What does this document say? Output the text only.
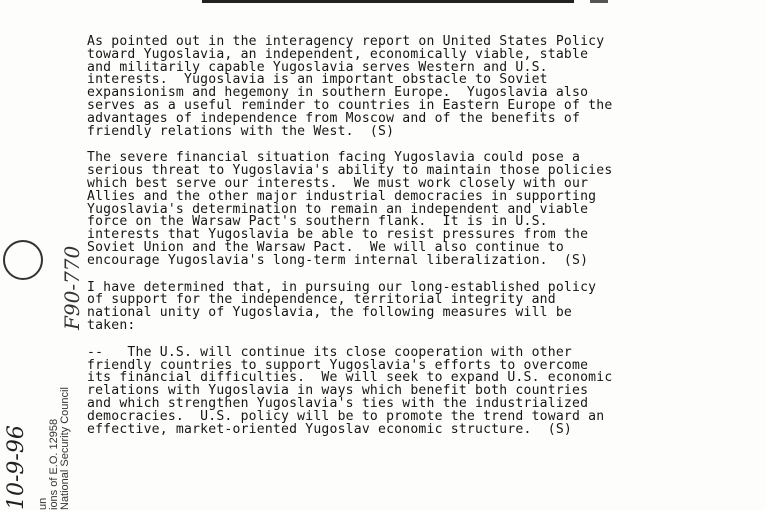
F90-770
10-9-96 un ions of E.O. 12958 National Security Council
As pointed out in the interagency report on United States Policy
toward Yugoslavia, an independent, economically viable, stable
and militarily capable Yugoslavia serves Western and U.S.
interests.  Yugoslavia is an important obstacle to Soviet
expansionism and hegemony in southern Europe.  Yugoslavia also
serves as a useful reminder to countries in Eastern Europe of the
advantages of independence from Moscow and of the benefits of
friendly relations with the West.  (S)
The severe financial situation facing Yugoslavia could pose a
serious threat to Yugoslavia's ability to maintain those policies
which best serve our interests.  We must work closely with our
Allies and the other major industrial democracies in supporting
Yugoslavia's determination to remain an independent and viable
force on the Warsaw Pact's southern flank.  It is in U.S.
interests that Yugoslavia be able to resist pressures from the
Soviet Union and the Warsaw Pact.  We will also continue to
encourage Yugoslavia's long-term internal liberalization.  (S)
I have determined that, in pursuing our long-established policy
of support for the independence, territorial integrity and
national unity of Yugoslavia, the following measures will be
taken:
--   The U.S. will continue its close cooperation with other
friendly countries to support Yugoslavia's efforts to overcome
its financial difficulties.  We will seek to expand U.S. economic
relations with Yugoslavia in ways which benefit both countries
and which strengthen Yugoslavia's ties with the industrialized
democracies.  U.S. policy will be to promote the trend toward an
effective, market-oriented Yugoslav economic structure.  (S)
